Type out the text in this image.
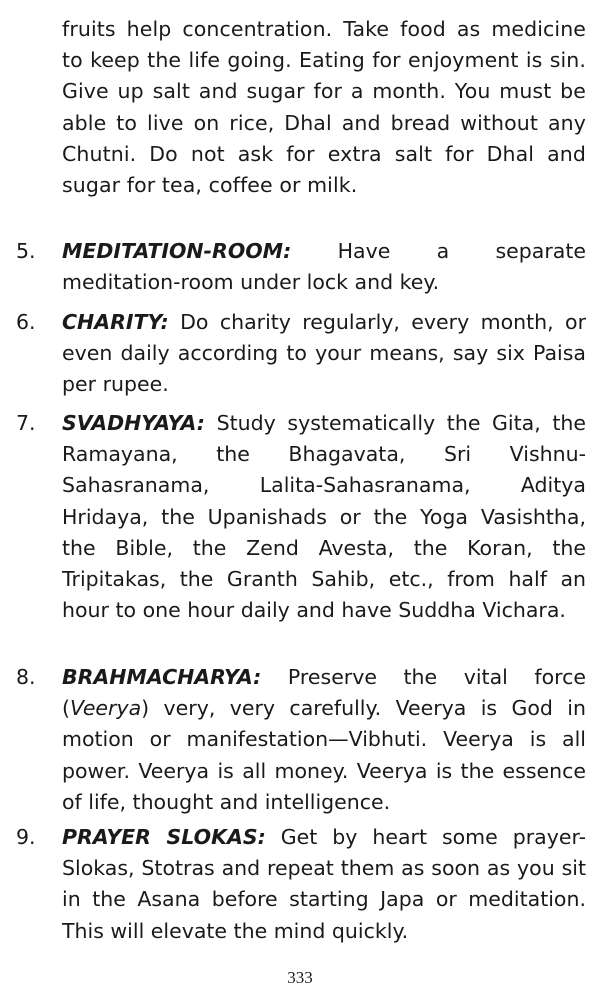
fruits help concentration. Take food as medicine to keep the life going. Eating for enjoyment is sin. Give up salt and sugar for a month. You must be able to live on rice, Dhal and bread without any Chutni. Do not ask for extra salt for Dhal and sugar for tea, coffee or milk.
5.	MEDITATION-ROOM: Have a separate meditation-room under lock and key.
6.	CHARITY: Do charity regularly, every month, or even daily according to your means, say six Paisa per rupee.
7.	SVADHYAYA: Study systematically the Gita, the Ramayana, the Bhagavata, Sri Vishnu-Sahasranama, Lalita-Sahasranama, Aditya Hridaya, the Upanishads or the Yoga Vasishtha, the Bible, the Zend Avesta, the Koran, the Tripitakas, the Granth Sahib, etc., from half an hour to one hour daily and have Suddha Vichara.
8.	BRAHMACHARYA: Preserve the vital force (Veerya) very, very carefully. Veerya is God in motion or manifestation—Vibhuti. Veerya is all power. Veerya is all money. Veerya is the essence of life, thought and intelligence.
9.	PRAYER SLOKAS: Get by heart some prayer-Slokas, Stotras and repeat them as soon as you sit in the Asana before starting Japa or meditation. This will elevate the mind quickly.
333
